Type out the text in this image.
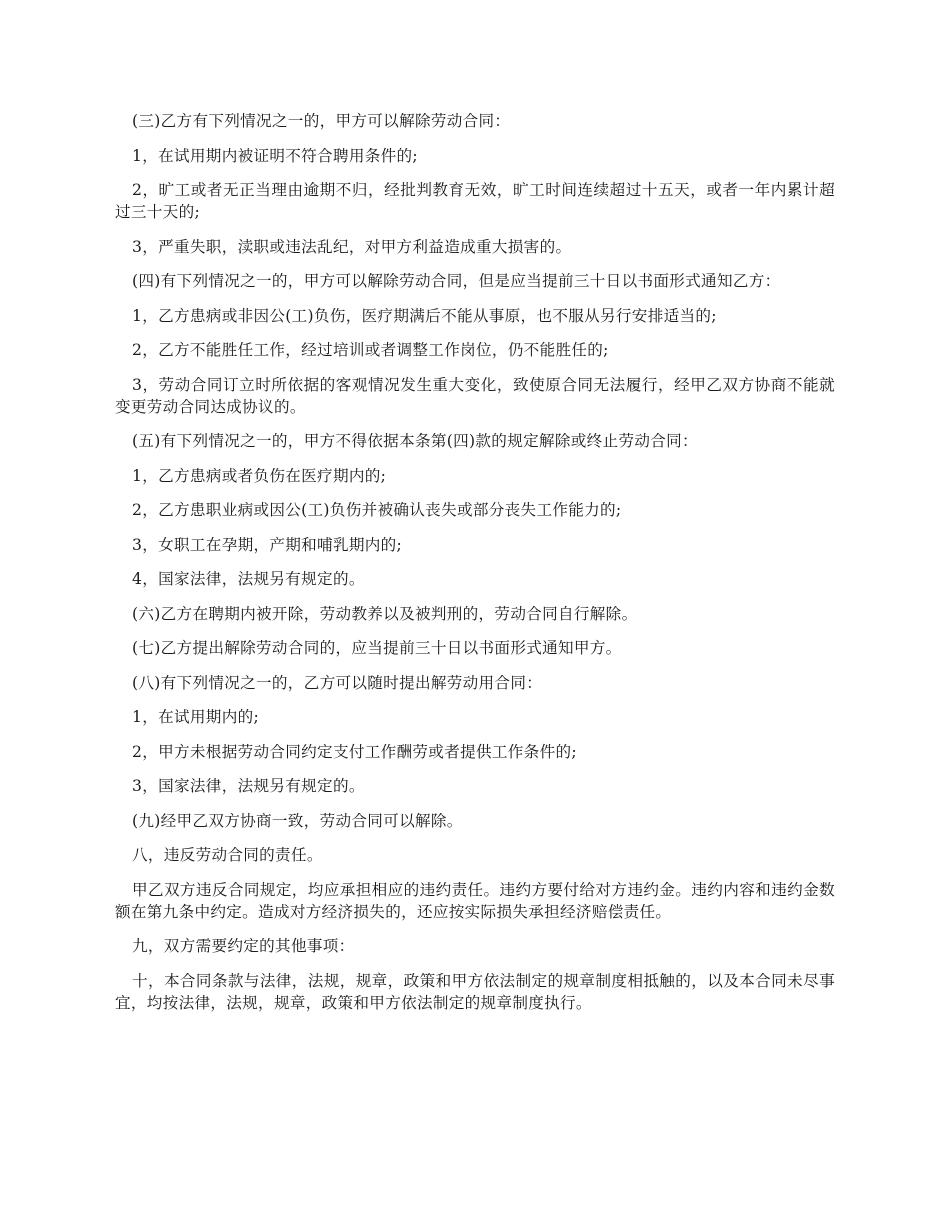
(三)乙方有下列情况之一的，甲方可以解除劳动合同：

1，在试用期内被证明不符合聘用条件的;

2，旷工或者无正当理由逾期不归，经批判教育无效，旷工时间连续超过十五天，或者一年内累计超过三十天的;

3，严重失职，渎职或违法乱纪，对甲方利益造成重大损害的。

(四)有下列情况之一的，甲方可以解除劳动合同，但是应当提前三十日以书面形式通知乙方：

1，乙方患病或非因公(工)负伤，医疗期满后不能从事原，也不服从另行安排适当的;

2，乙方不能胜任工作，经过培训或者调整工作岗位，仍不能胜任的;

3，劳动合同订立时所依据的客观情况发生重大变化，致使原合同无法履行，经甲乙双方协商不能就变更劳动合同达成协议的。

(五)有下列情况之一的，甲方不得依据本条第(四)款的规定解除或终止劳动合同：

1，乙方患病或者负伤在医疗期内的;

2，乙方患职业病或因公(工)负伤并被确认丧失或部分丧失工作能力的;

3，女职工在孕期，产期和哺乳期内的;

4，国家法律，法规另有规定的。

(六)乙方在聘期内被开除，劳动教养以及被判刑的，劳动合同自行解除。

(七)乙方提出解除劳动合同的，应当提前三十日以书面形式通知甲方。

(八)有下列情况之一的，乙方可以随时提出解劳动用合同：

1，在试用期内的;

2，甲方未根据劳动合同约定支付工作酬劳或者提供工作条件的;

3，国家法律，法规另有规定的。

(九)经甲乙双方协商一致，劳动合同可以解除。

八，违反劳动合同的责任。

甲乙双方违反合同规定，均应承担相应的违约责任。违约方要付给对方违约金。违约内容和违约金数额在第九条中约定。造成对方经济损失的，还应按实际损失承担经济赔偿责任。

九，双方需要约定的其他事项：

十，本合同条款与法律，法规，规章，政策和甲方依法制定的规章制度相抵触的，以及本合同未尽事宜，均按法律，法规，规章，政策和甲方依法制定的规章制度执行。
